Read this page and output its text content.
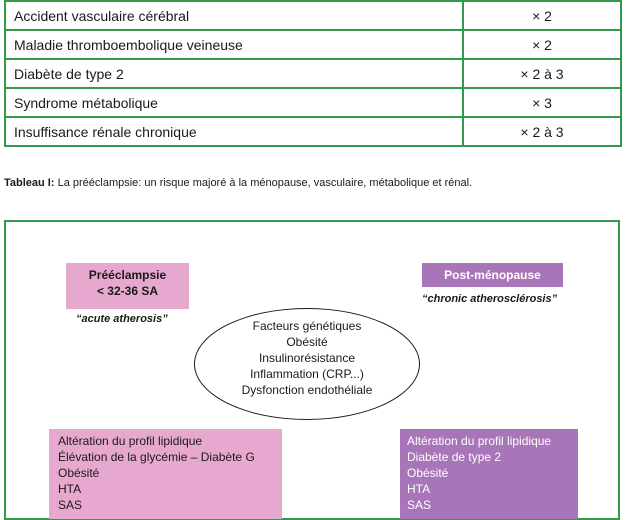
Accident vasculaire cérébral	× 2
Maladie thromboembolique veineuse	× 2
Diabète de type 2	× 2 à 3
Syndrome métabolique	× 3
Insuffisance rénale chronique	× 2 à 3
Tableau I: La prééclampsie: un risque majoré à la ménopause, vasculaire, métabolique et rénal.
Prééclampsie
< 32-36 SA
“acute atherosis”
Post-ménopause
“chronic atherosclérosis”
Facteurs génétiques
Obésité
Insulinorésistance
Inflammation (CRP...)
Dysfonction endothéliale
Altération du profil lipidique
Élévation de la glycémie – Diabète G
Obésité
HTA
SAS
Altération du profil lipidique
Diabète de type 2
Obésité
HTA
SAS
